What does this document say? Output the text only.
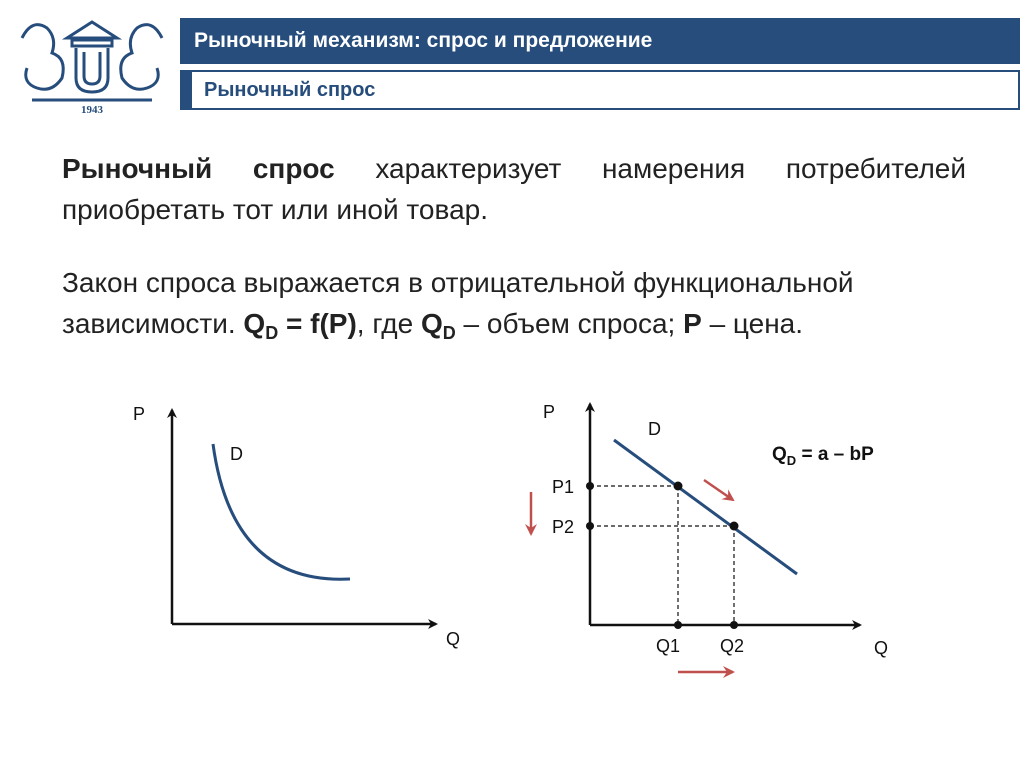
1943
Рыночный механизм: спрос и предложение
Рыночный спрос
Рыночный спрос характеризует намерения потребителей приобретать тот или иной товар.
Закон спроса выражается в отрицательной функциональной зависимости. $Q_D = f(P)$, где $Q_D$ – объем спроса; P – цена.
P
Q
D
P
Q
D
P1
P2
Q1 Q2
$Q_D = a$ – bP
